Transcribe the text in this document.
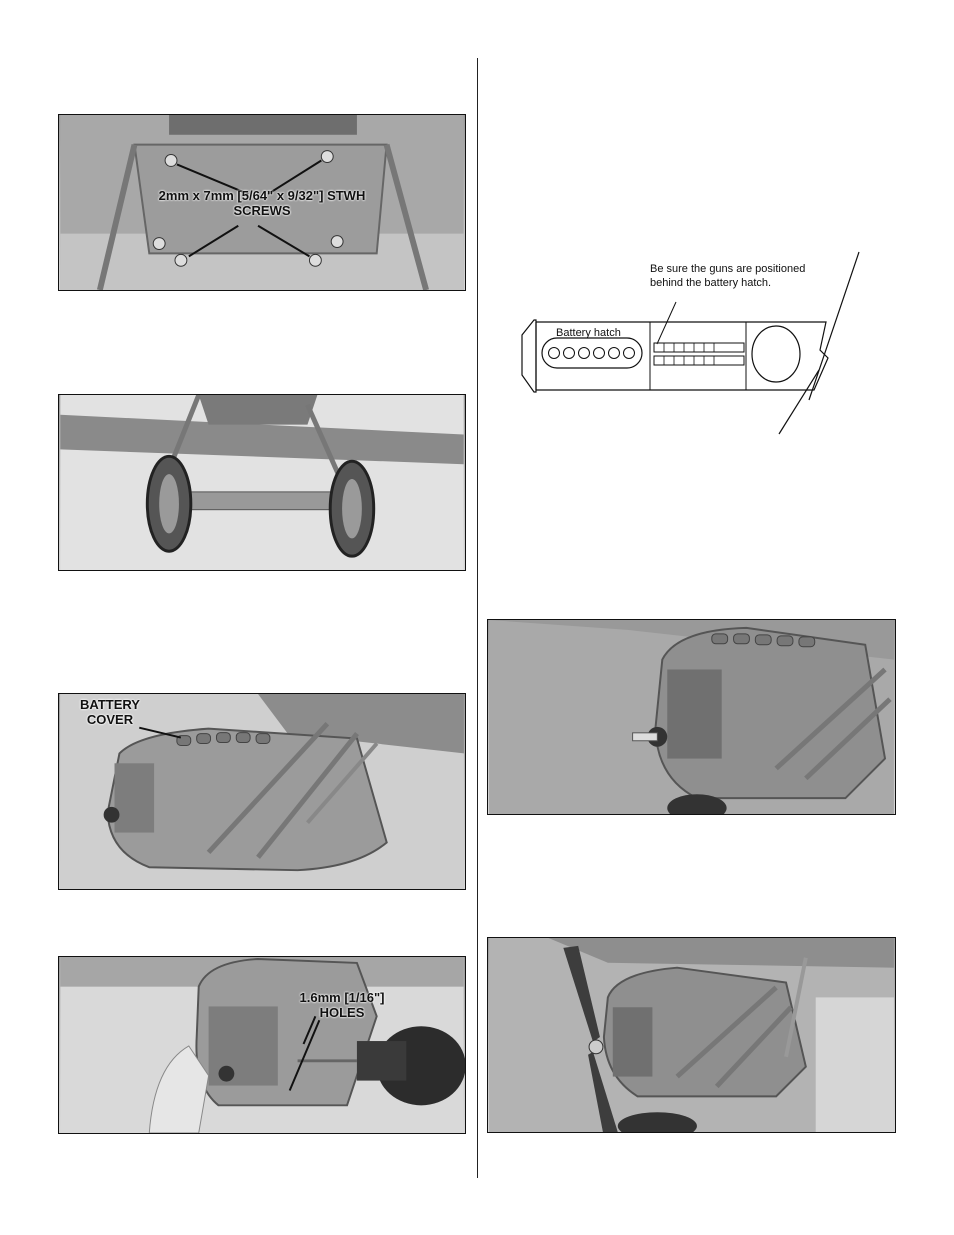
2mm x 7mm [5/64" x 9/32"] STWH SCREWS
BATTERY COVER
1.6mm [1/16"] HOLES
Be sure the guns are positioned behind the battery hatch.
Battery hatch
